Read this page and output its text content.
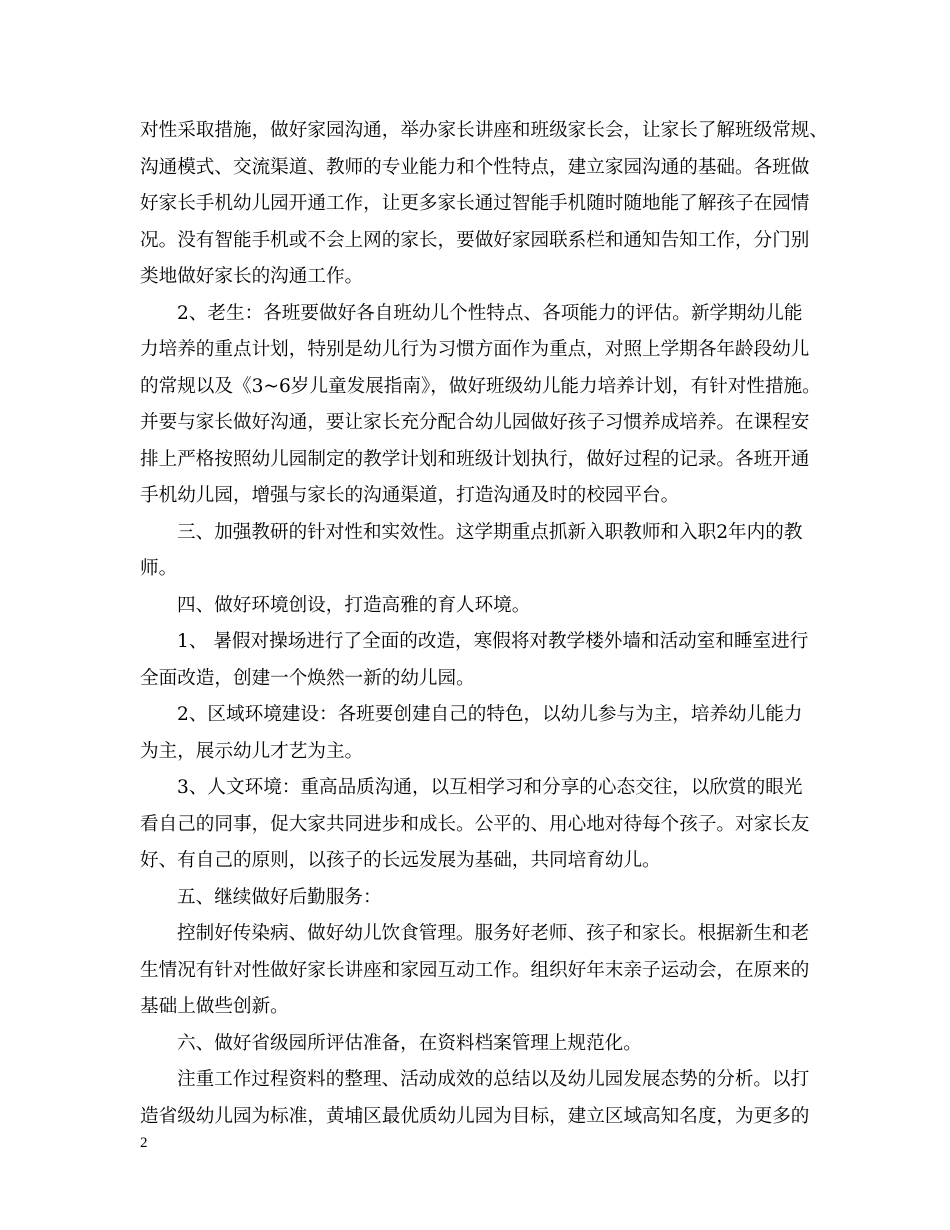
对性采取措施，做好家园沟通，举办家长讲座和班级家长会，让家长了解班级常规、
沟通模式、交流渠道、教师的专业能力和个性特点，建立家园沟通的基础。各班做
好家长手机幼儿园开通工作，让更多家长通过智能手机随时随地能了解孩子在园情
况。没有智能手机或不会上网的家长，要做好家园联系栏和通知告知工作，分门别
类地做好家长的沟通工作。
2、老生：各班要做好各自班幼儿个性特点、各项能力的评估。新学期幼儿能
力培养的重点计划，特别是幼儿行为习惯方面作为重点，对照上学期各年龄段幼儿
的常规以及《3~6岁儿童发展指南》，做好班级幼儿能力培养计划，有针对性措施。
并要与家长做好沟通，要让家长充分配合幼儿园做好孩子习惯养成培养。在课程安
排上严格按照幼儿园制定的教学计划和班级计划执行，做好过程的记录。各班开通
手机幼儿园，增强与家长的沟通渠道，打造沟通及时的校园平台。
三、加强教研的针对性和实效性。这学期重点抓新入职教师和入职2年内的教
师。
四、做好环境创设，打造高雅的育人环境。
1、 暑假对操场进行了全面的改造，寒假将对教学楼外墙和活动室和睡室进行
全面改造，创建一个焕然一新的幼儿园。
2、区域环境建设：各班要创建自己的特色，以幼儿参与为主，培养幼儿能力
为主，展示幼儿才艺为主。
3、人文环境：重高品质沟通，以互相学习和分享的心态交往，以欣赏的眼光
看自己的同事，促大家共同进步和成长。公平的、用心地对待每个孩子。对家长友
好、有自己的原则，以孩子的长远发展为基础，共同培育幼儿。
五、继续做好后勤服务：
控制好传染病、做好幼儿饮食管理。服务好老师、孩子和家长。根据新生和老
生情况有针对性做好家长讲座和家园互动工作。组织好年末亲子运动会，在原来的
基础上做些创新。
六、做好省级园所评估准备，在资料档案管理上规范化。
注重工作过程资料的整理、活动成效的总结以及幼儿园发展态势的分析。以打
造省级幼儿园为标准，黄埔区最优质幼儿园为目标，建立区域高知名度，为更多的
2
